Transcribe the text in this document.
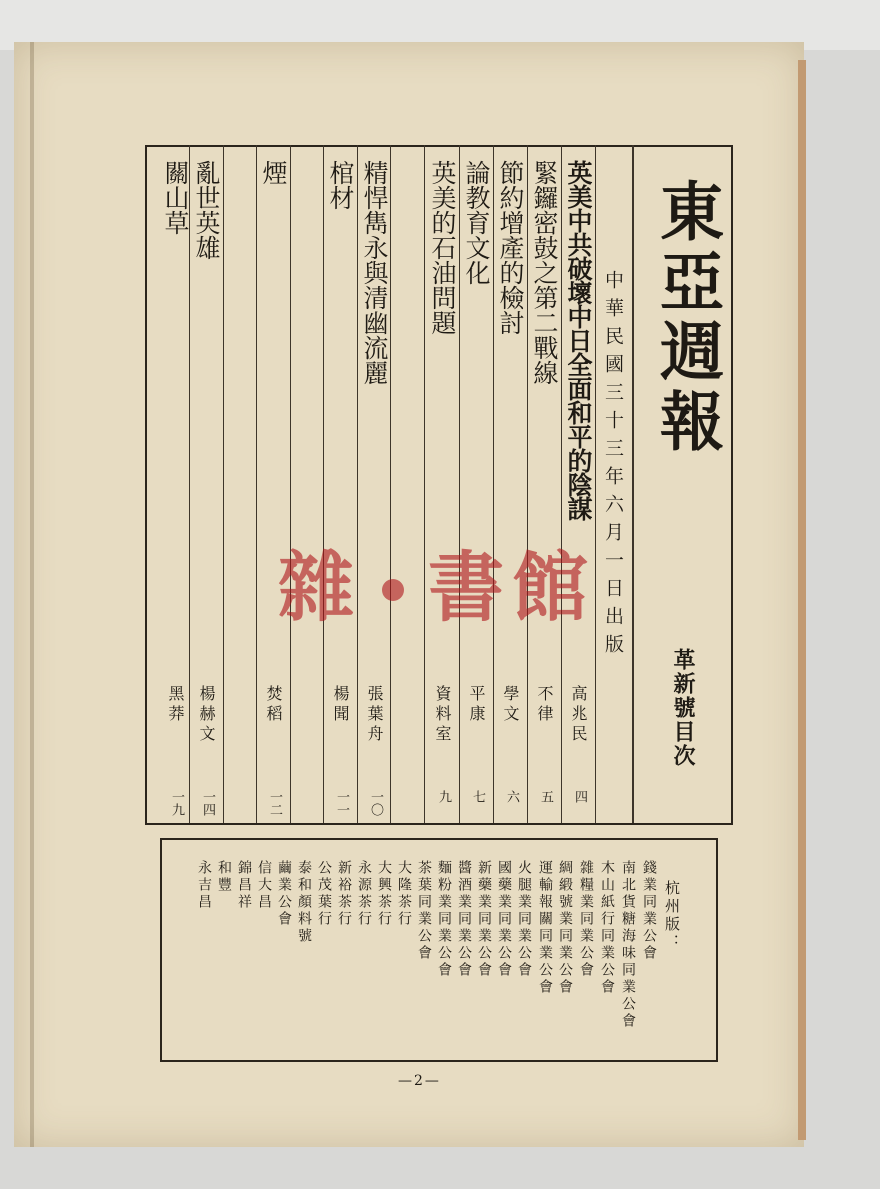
東亞週報
中華民國三十三年六月一日出版
革新號目次
英美中共破壞中日全面和平的陰謀
緊鑼密鼓之第二戰線
節約增產的檢討
論教育文化
英美的石油問題
精悍雋永與清幽流麗
棺材
煙
亂世英雄
關山草
高兆民
不律
學文
平康
資料室
張葉舟
楊聞
焚稻
楊赫文
黑莽
四
五
六
七
九
一〇
一一
一二
一四
一九
雜 書 館
杭州版：
錢業同業公會
南北貨糖海味同業公會
木山紙行同業公會
雜糧業同業公會
綢緞號業同業公會
運輸報關同業公會
火腿業同業公會
國藥業同業公會
新藥業同業公會
醬酒業同業公會
麵粉業同業公會
茶葉同業公會
大隆茶行
大興茶行
永源茶行
新裕茶行
公茂葉行
泰和顏料號
繭業公會
信大昌
錦昌祥
和豐
永吉昌
—2—
